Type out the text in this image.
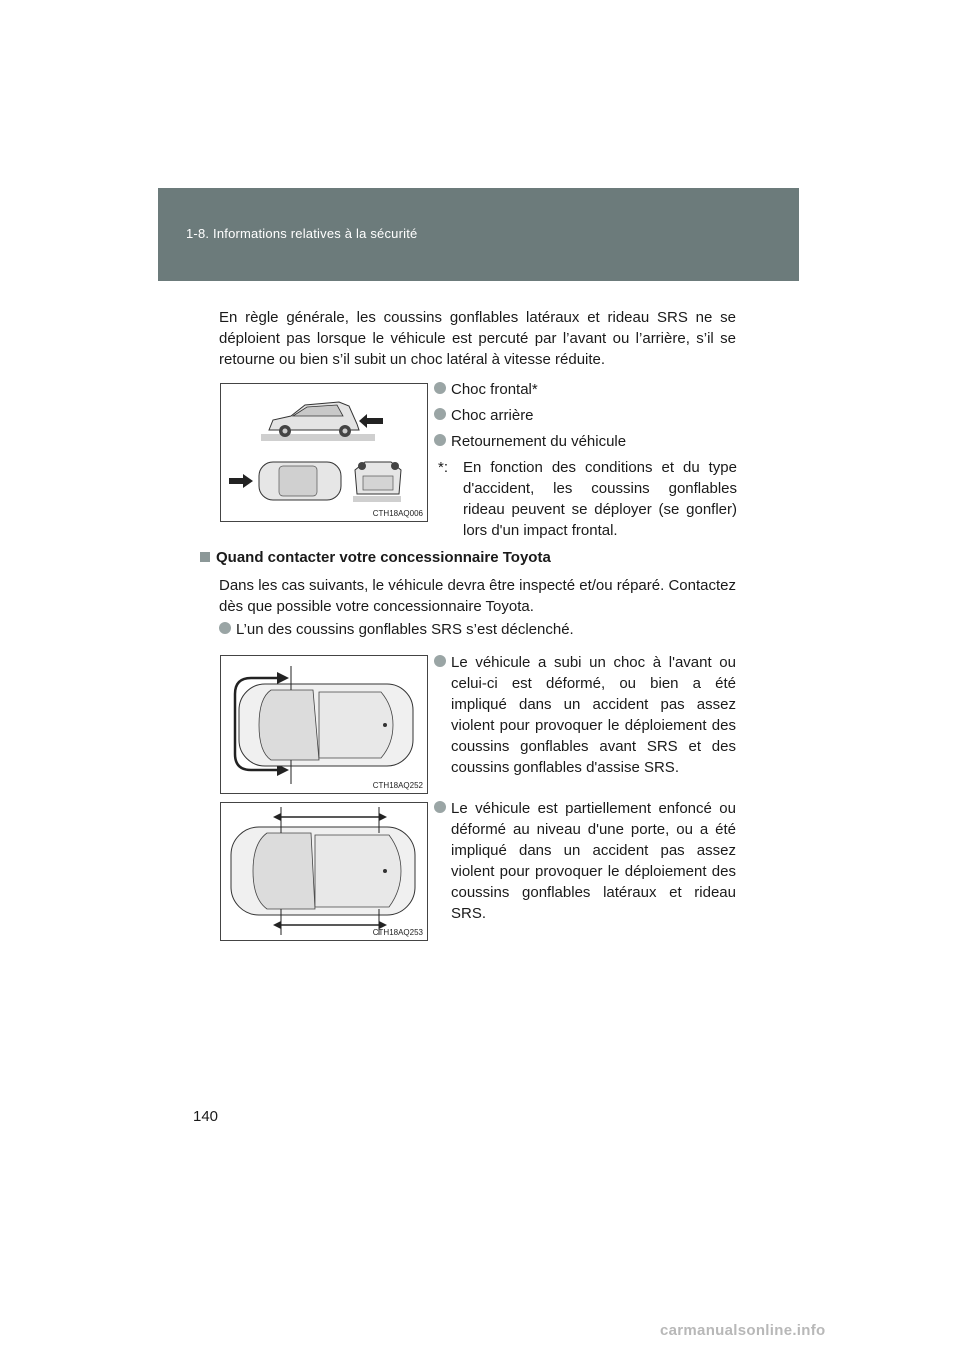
1-8. Informations relatives à la sécurité
En règle générale, les coussins gonflables latéraux et rideau SRS ne se déploient pas lorsque le véhicule est percuté par l’avant ou l’arrière, s’il se retourne ou bien s’il subit un choc latéral à vitesse réduite.
CTH18AQ006
Choc frontal*
Choc arrière
Retournement du véhicule
*: En fonction des conditions et du type d'accident, les coussins gonflables rideau peuvent se déployer (se gonfler) lors d'un impact frontal.
Quand contacter votre concessionnaire Toyota
Dans les cas suivants, le véhicule devra être inspecté et/ou réparé. Contactez dès que possible votre concessionnaire Toyota.
L’un des coussins gonflables SRS s’est déclenché.
CTH18AQ252
Le véhicule a subi un choc à l'avant ou celui-ci est déformé, ou bien a été impliqué dans un accident pas assez violent pour provoquer le déploiement des coussins gonflables avant SRS et des coussins gonflables d'assise SRS.
CTH18AQ253
Le véhicule est partiellement enfoncé ou déformé au niveau d'une porte, ou a été impliqué dans un accident pas assez violent pour provoquer le déploiement des coussins gonflables latéraux et rideau SRS.
140
carmanualsonline.info
